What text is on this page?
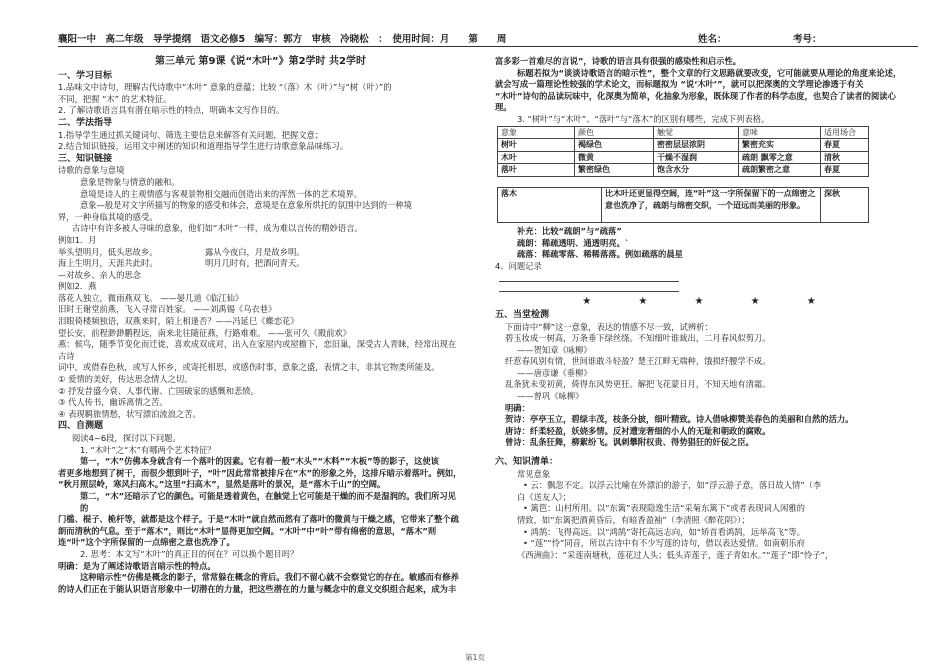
襄阳一中　高二年级　导学提纲　语文必修5　编写：郭方　审核　冷晓松　：　使用时间：月　　第　　周	姓名：	考号：
第三单元 第9课《说“木叶”》第2学时 共2学时
一、学习目标
1.品味文中诗句，理解古代诗歌中“木叶” 意象的意蕴；比较 “（落）木（叶）”与“树（叶）”的
不同，把握 “木” 的艺术特征。
2. 了解诗歌语言具有潜在暗示性的特点，明确本文写作目的。
二、学法指导
1.指导学生通过抓关键词句、筛选主要信息来解答有关问题，把握文意；
2.结合知识链接，运用文中阐述的知识和道理指导学生进行诗歌意象品味练习。
三、知识链接
诗歌的意象与意境
意象是物象与情意的融和。
意境是诗人的主观情感与客观景物相交融而创造出来的浑然一体的艺术境界。
意象—般是对文字所描写的物象的感受和体会，意境是在意象所烘托的氛围中达到的一种境
界，一种身临其境的感受。
古诗中有许多被人寻味的意象，他们如“木叶”一样，成为难以言传的精妙语言。
例如1．月
举头望明月，低头思故乡。	露从今夜白，月是故乡明。
海上生明月，天涯共此时。	明月几时有，把酒问青天。
—对故乡、亲人的思念
例如2．燕
落花人独立，微雨燕双飞。 ——晏几道《临江仙》
旧时王谢堂前燕，飞入寻常百姓家。 ——刘禹锡《乌衣巷》
泪眼倚楼频独语，双燕来时，陌上相逢否？——冯延巳《蝶恋花》
望长安，前程渺渺鹏程远，南来北往随征燕，行路难难。 ——张可久《殿前欢》
燕：候鸟，随季节变化而迁徙，喜欢成双成对，出入在家屋内或屋檐下，恋旧巢，深受古人青睐，经常出现在古诗
词中，或借春色秋，或写人怀乡，或寄托相思，或感伤时事，意象之盛，表情之丰，非其它物类所能及。
① 爱情的美好，传达思念情人之切。
② 抒发昔盛今衰、人事代谢、亡国破家的感慨和悲愤。
③ 代人传书，幽诉离情之苦。
④ 表现羁旅情愁，状写漂泊流浪之苦。
四、自测题
阅读4~6段，探讨以下问题。
1. “木叶”之“木”有哪两个艺术特征？
第一，“木”仿佛本身就含有一个落叶的因素。它有着一般“木头”“木料”“木板”等的影子，这使该
者更多地想到了树干，而很少想到叶子，“叶”因此常常被排斥在“木”的形象之外，这排斥暗示着落叶。例如，
“秋月照层岭，寒风扫高木。”这里“扫高木”，显然是落叶的景况，是“落木千山”的空阔。
第二，“木”还暗示了它的颜色。可能是透着黄色，在触觉上它可能是干燥的而不是湿润的。我们所习见的
门槛、棍子、桅杆等，就都是这个样子。于是“木叶”就自然而然有了落叶的微黄与干燥之感，它带来了整个疏
朗而清秋的气息。至于“落木”，则比“木叶”显得更加空阔。“木叶”中“叶”带有绵密的意思，“落木”则
连“叶”这个字所保留的一点绵密之意也洗净了。
2. 思考：本文写“木叶”的真正目的何在？可以换个题目吗？
明确：是为了阐述诗歌语言暗示性的特点。
这种暗示性“仿佛是概念的影子，常常躲在概念的背后。我们不留心就不会察觉它的存在。敏感而有修养
的诗人们正在于能认识语言形象中一切潜在的力量，把这些潜在的力量与概念中的意义交织组合起来，成为丰
富多彩一首难尽的言说”，诗歌的语言具有很强的感染性和启示性。
标题若拟为“谈谈诗歌语言的暗示性”，整个文章的行文思路就要改变，它可能就要从理论的角度来论述，
就会写成一篇理论性较强的学术论文，而标题拟为 “说‘木叶’”，就可以把深奥的文学理论渗透于有关
“木叶”诗句的品读玩味中，化深奥为简单，化抽象为形象，既体现了作者的科学态度，也契合了读者的阅读心
理。
3. “树叶”与“木叶”、“落叶”与“落木”的区别有哪些，完成下列表格。
意象	颜色	触觉	意味	适用场合
树叶	褐绿色	密密层层浓阴	繁密充实	春夏
木叶	微黄	干燥不湿润	疏朗 飘零之意	清秋
落叶	繁密绿色	饱含水分	疏朗繁密之意	春夏
落木	比木叶还更显得空阔，连“叶”这一字所保留下的一点绵密之意也洗净了，疏朗与绵密交织，一个迢远而美丽的形象。	深秋
补充：比较“疏朗”与“疏落”
疏朗：稀疏透明、通透明亮。`
疏落：稀疏零落、稀稀落落。例如疏落的晨星
4、问题记录
★ ★ ★ ★ ★
五、当堂检测
下面诗中“柳”这一意象，表达的情感不尽一致，试辨析：
碧玉妆成一树高，万条垂下绿丝绦。不知细叶谁裁出，二月春风似剪刀。
——贺知章《咏柳》
纤惹春风别有情，世间谁敢斗轻盈？楚王江畔无端种，饿损纤腰学不成。
——唐彦谦《垂柳》
乱条犹未变初黄，倚得东风势更狂。解把飞花蒙日月，不知天地有清霜。
——曾巩《咏柳》
明确：
贺诗：亭亭玉立，碧绿丰茂，枝条分披，细叶精致。诗人借咏柳赞美春色的美丽和自然的活力。
唐诗：纤柔轻盈，妖娆多情。反衬遭宠奢细的小人的无耻和朝政的腐败。
曾诗：乱条狂舞，柳絮纷飞。讽刺攀附权贵、得势猖狂的奸佞之臣。
六、知识清单：
常见意象
• 云：飘忽不定。以浮云比喻在外漂泊的游子，如“浮云游子意，落日故人情”（李
白《送友人》；
• 篱笆：山村所用。以“东篱”表现隐逸生活“采菊东篱下”或者表现词人闲雅的
情致，如“东篱把酒黄昏后，有暗香盈袖”（李清照《醉花阴》）；
• 鸿鹄：飞得高远。以“鸿鹄”寄托高远志向，如“矫首看鸿鹄，远举高飞”等。
• “莲”“怜”同音，所以古诗中有不少写莲的诗句，借以表达爱情。如南朝乐府
《西洲曲》：“采莲南塘秋，莲花过人头；低头弄莲子，莲子青如水。”“莲子”即“怜子”，
第1页
